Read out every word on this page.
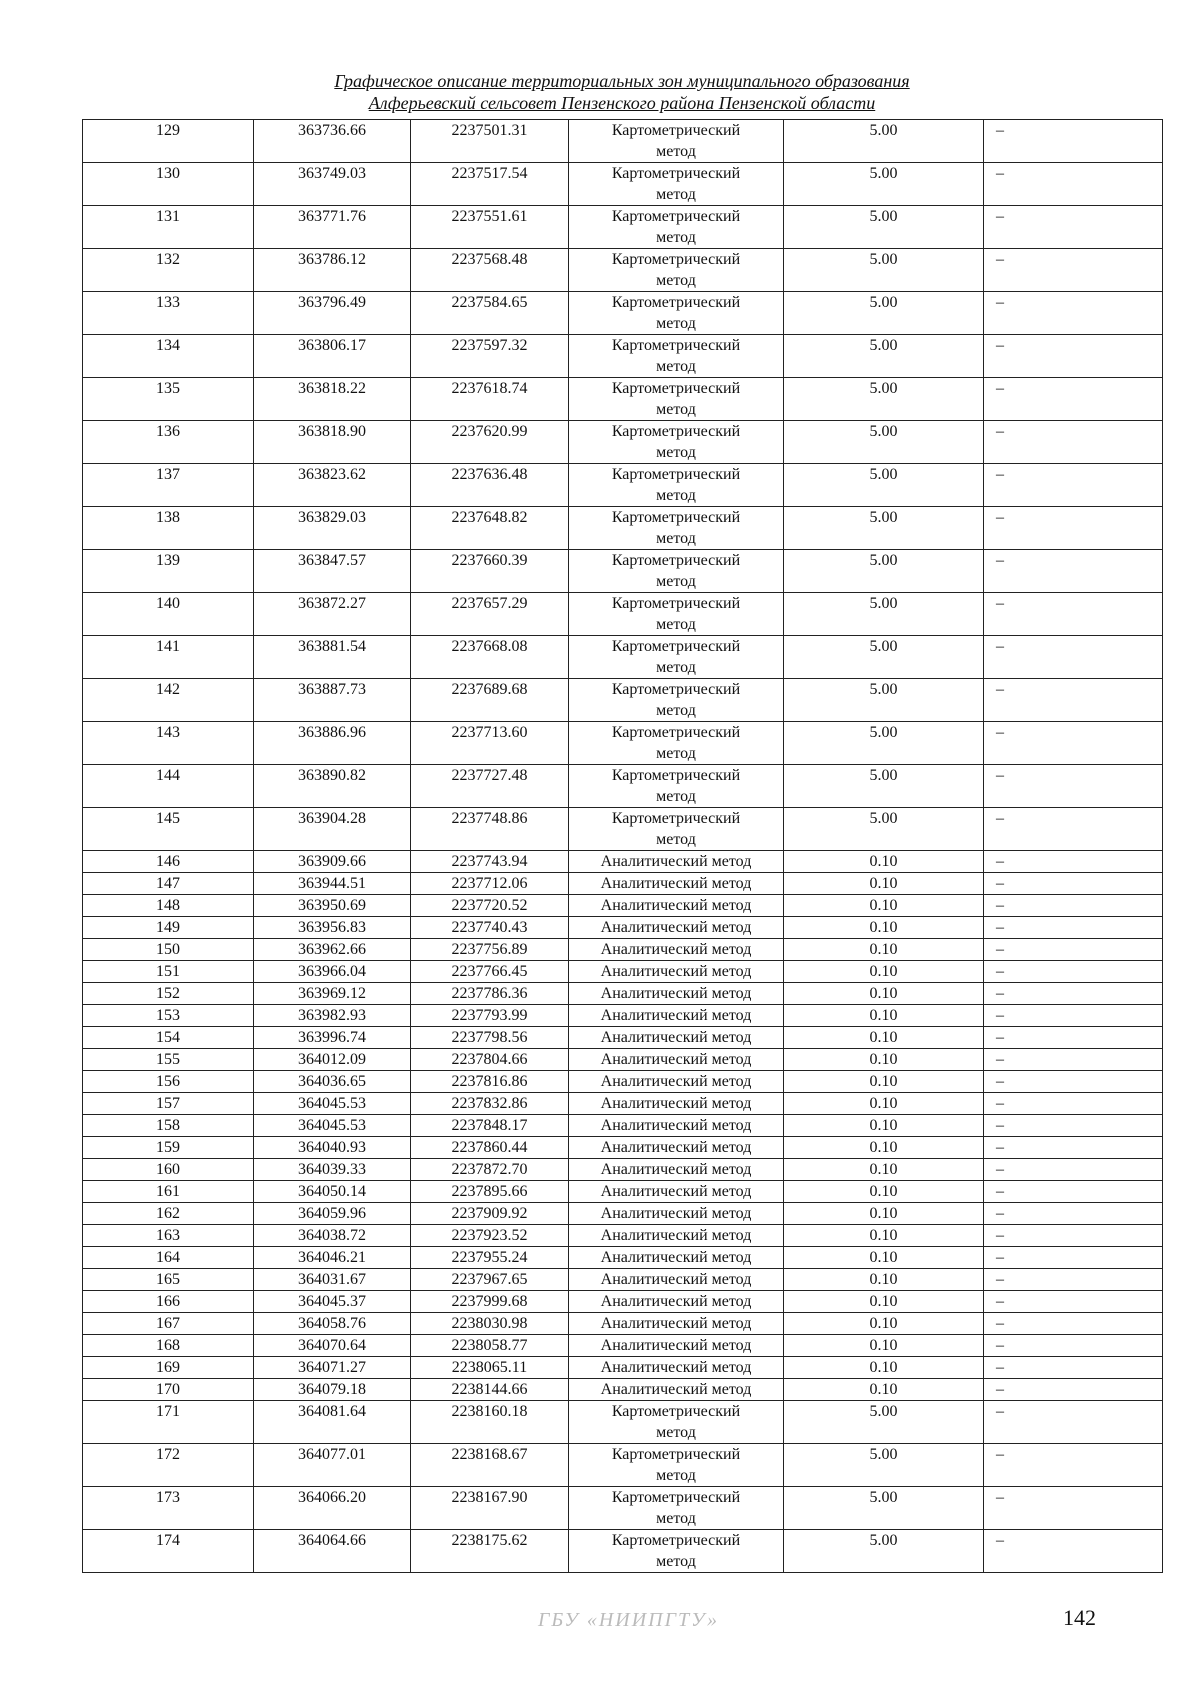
Графическое описание территориальных зон муниципального образования
Алферьевский сельсовет Пензенского района Пензенской области
129	363736.66	2237501.31	Картометрический метод	5.00	–
130	363749.03	2237517.54	Картометрический метод	5.00	–
131	363771.76	2237551.61	Картометрический метод	5.00	–
132	363786.12	2237568.48	Картометрический метод	5.00	–
133	363796.49	2237584.65	Картометрический метод	5.00	–
134	363806.17	2237597.32	Картометрический метод	5.00	–
135	363818.22	2237618.74	Картометрический метод	5.00	–
136	363818.90	2237620.99	Картометрический метод	5.00	–
137	363823.62	2237636.48	Картометрический метод	5.00	–
138	363829.03	2237648.82	Картометрический метод	5.00	–
139	363847.57	2237660.39	Картометрический метод	5.00	–
140	363872.27	2237657.29	Картометрический метод	5.00	–
141	363881.54	2237668.08	Картометрический метод	5.00	–
142	363887.73	2237689.68	Картометрический метод	5.00	–
143	363886.96	2237713.60	Картометрический метод	5.00	–
144	363890.82	2237727.48	Картометрический метод	5.00	–
145	363904.28	2237748.86	Картометрический метод	5.00	–
146	363909.66	2237743.94	Аналитический метод	0.10	–
147	363944.51	2237712.06	Аналитический метод	0.10	–
148	363950.69	2237720.52	Аналитический метод	0.10	–
149	363956.83	2237740.43	Аналитический метод	0.10	–
150	363962.66	2237756.89	Аналитический метод	0.10	–
151	363966.04	2237766.45	Аналитический метод	0.10	–
152	363969.12	2237786.36	Аналитический метод	0.10	–
153	363982.93	2237793.99	Аналитический метод	0.10	–
154	363996.74	2237798.56	Аналитический метод	0.10	–
155	364012.09	2237804.66	Аналитический метод	0.10	–
156	364036.65	2237816.86	Аналитический метод	0.10	–
157	364045.53	2237832.86	Аналитический метод	0.10	–
158	364045.53	2237848.17	Аналитический метод	0.10	–
159	364040.93	2237860.44	Аналитический метод	0.10	–
160	364039.33	2237872.70	Аналитический метод	0.10	–
161	364050.14	2237895.66	Аналитический метод	0.10	–
162	364059.96	2237909.92	Аналитический метод	0.10	–
163	364038.72	2237923.52	Аналитический метод	0.10	–
164	364046.21	2237955.24	Аналитический метод	0.10	–
165	364031.67	2237967.65	Аналитический метод	0.10	–
166	364045.37	2237999.68	Аналитический метод	0.10	–
167	364058.76	2238030.98	Аналитический метод	0.10	–
168	364070.64	2238058.77	Аналитический метод	0.10	–
169	364071.27	2238065.11	Аналитический метод	0.10	–
170	364079.18	2238144.66	Аналитический метод	0.10	–
171	364081.64	2238160.18	Картометрический метод	5.00	–
172	364077.01	2238168.67	Картометрический метод	5.00	–
173	364066.20	2238167.90	Картометрический метод	5.00	–
174	364064.66	2238175.62	Картометрический метод	5.00	–
ГБУ «НИИПГТУ»	142
